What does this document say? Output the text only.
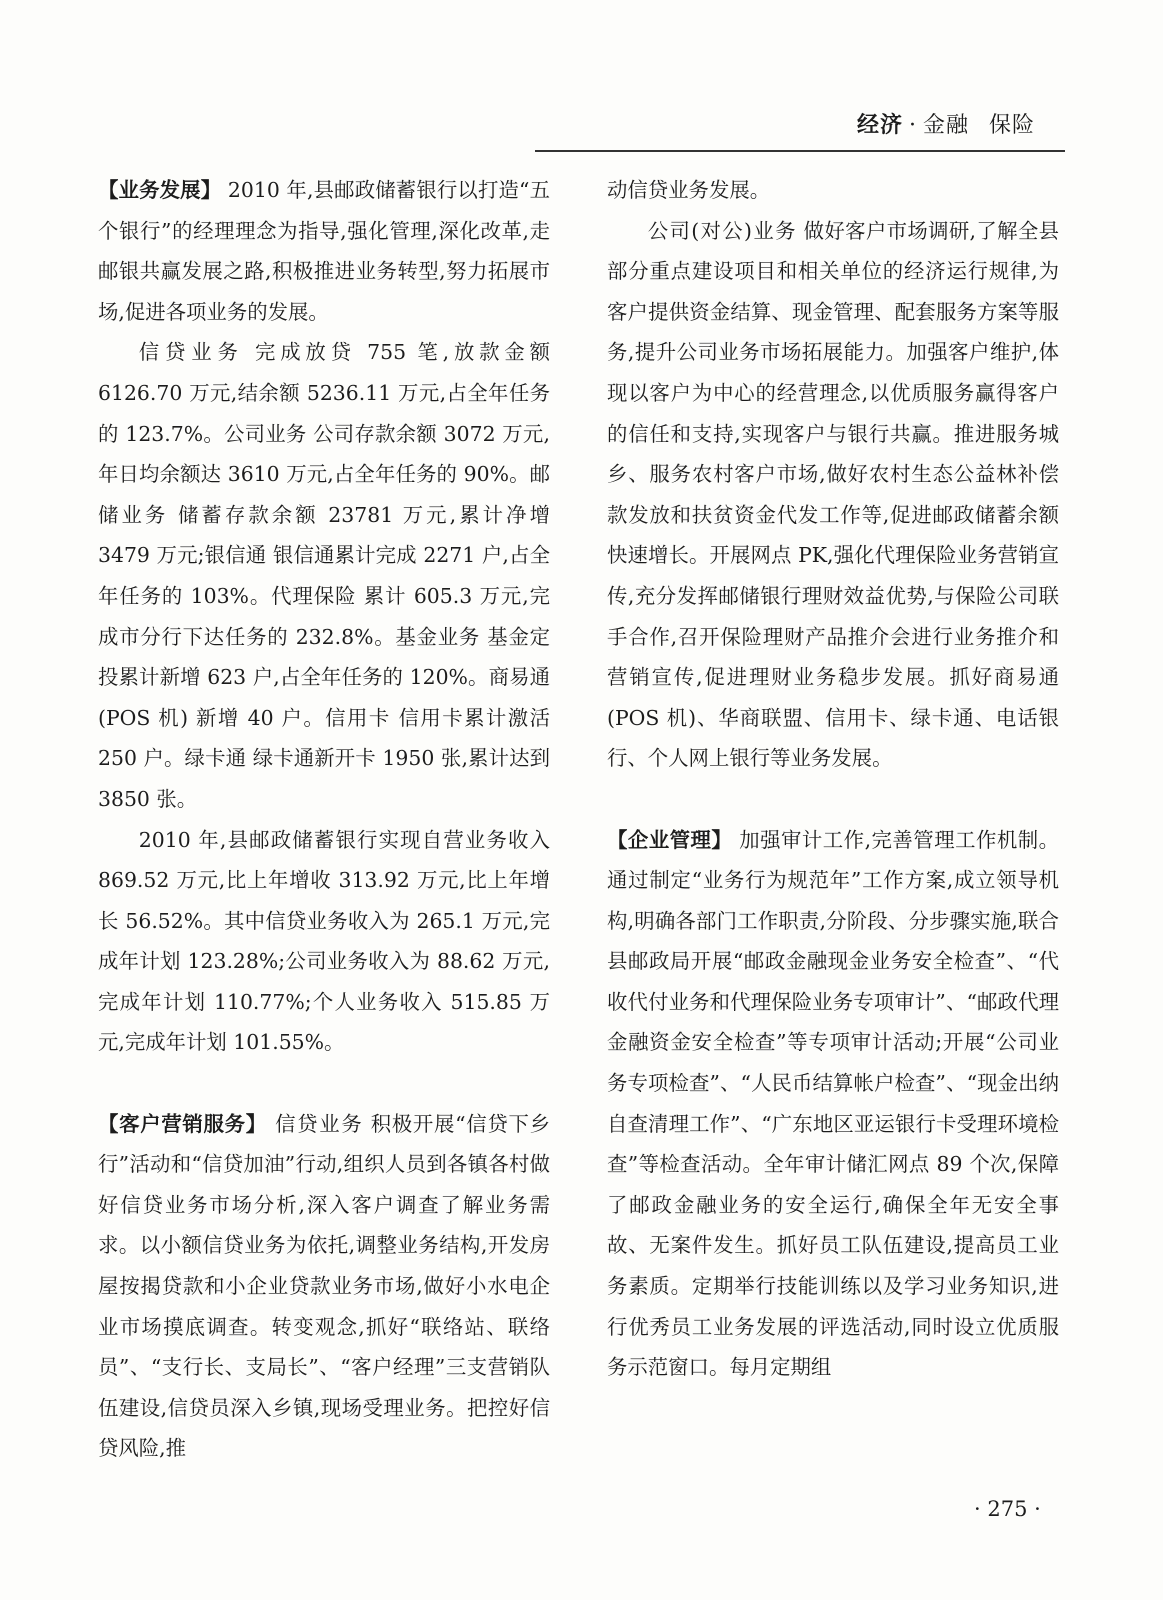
经济 · 金融 保险

【业务发展】 2010 年,县邮政储蓄银行以打造“五个银行”的经理理念为指导,强化管理,深化改革,走邮银共赢发展之路,积极推进业务转型,努力拓展市场,促进各项业务的发展。

信贷业务 完成放贷 755 笔,放款金额 6126.70 万元,结余额 5236.11 万元,占全年任务的 123.7%。公司业务 公司存款余额 3072 万元,年日均余额达 3610 万元,占全年任务的 90%。邮储业务 储蓄存款余额 23781 万元,累计净增 3479 万元;银信通 银信通累计完成 2271 户,占全年任务的 103%。代理保险 累计 605.3 万元,完成市分行下达任务的 232.8%。基金业务 基金定投累计新增 623 户,占全年任务的 120%。商易通(POS 机) 新增 40 户。信用卡 信用卡累计激活 250 户。绿卡通 绿卡通新开卡 1950 张,累计达到 3850 张。

2010 年,县邮政储蓄银行实现自营业务收入 869.52 万元,比上年增收 313.92 万元,比上年增长 56.52%。其中信贷业务收入为 265.1 万元,完成年计划 123.28%;公司业务收入为 88.62 万元,完成年计划 110.77%;个人业务收入 515.85 万元,完成年计划 101.55%。

【客户营销服务】 信贷业务 积极开展“信贷下乡行”活动和“信贷加油”行动,组织人员到各镇各村做好信贷业务市场分析,深入客户调查了解业务需求。以小额信贷业务为依托,调整业务结构,开发房屋按揭贷款和小企业贷款业务市场,做好小水电企业市场摸底调查。转变观念,抓好“联络站、联络员”、“支行长、支局长”、“客户经理”三支营销队伍建设,信贷员深入乡镇,现场受理业务。把控好信贷风险,推

动信贷业务发展。

公司(对公)业务 做好客户市场调研,了解全县部分重点建设项目和相关单位的经济运行规律,为客户提供资金结算、现金管理、配套服务方案等服务,提升公司业务市场拓展能力。加强客户维护,体现以客户为中心的经营理念,以优质服务赢得客户的信任和支持,实现客户与银行共赢。推进服务城乡、服务农村客户市场,做好农村生态公益林补偿款发放和扶贫资金代发工作等,促进邮政储蓄余额快速增长。开展网点 PK,强化代理保险业务营销宣传,充分发挥邮储银行理财效益优势,与保险公司联手合作,召开保险理财产品推介会进行业务推介和营销宣传,促进理财业务稳步发展。抓好商易通(POS 机)、华商联盟、信用卡、绿卡通、电话银行、个人网上银行等业务发展。

【企业管理】 加强审计工作,完善管理工作机制。通过制定“业务行为规范年”工作方案,成立领导机构,明确各部门工作职责,分阶段、分步骤实施,联合县邮政局开展“邮政金融现金业务安全检查”、“代收代付业务和代理保险业务专项审计”、“邮政代理金融资金安全检查”等专项审计活动;开展“公司业务专项检查”、“人民币结算帐户检查”、“现金出纳自查清理工作”、“广东地区亚运银行卡受理环境检查”等检查活动。全年审计储汇网点 89 个次,保障了邮政金融业务的安全运行,确保全年无安全事故、无案件发生。抓好员工队伍建设,提高员工业务素质。定期举行技能训练以及学习业务知识,进行优秀员工业务发展的评选活动,同时设立优质服务示范窗口。每月定期组

· 275 ·
